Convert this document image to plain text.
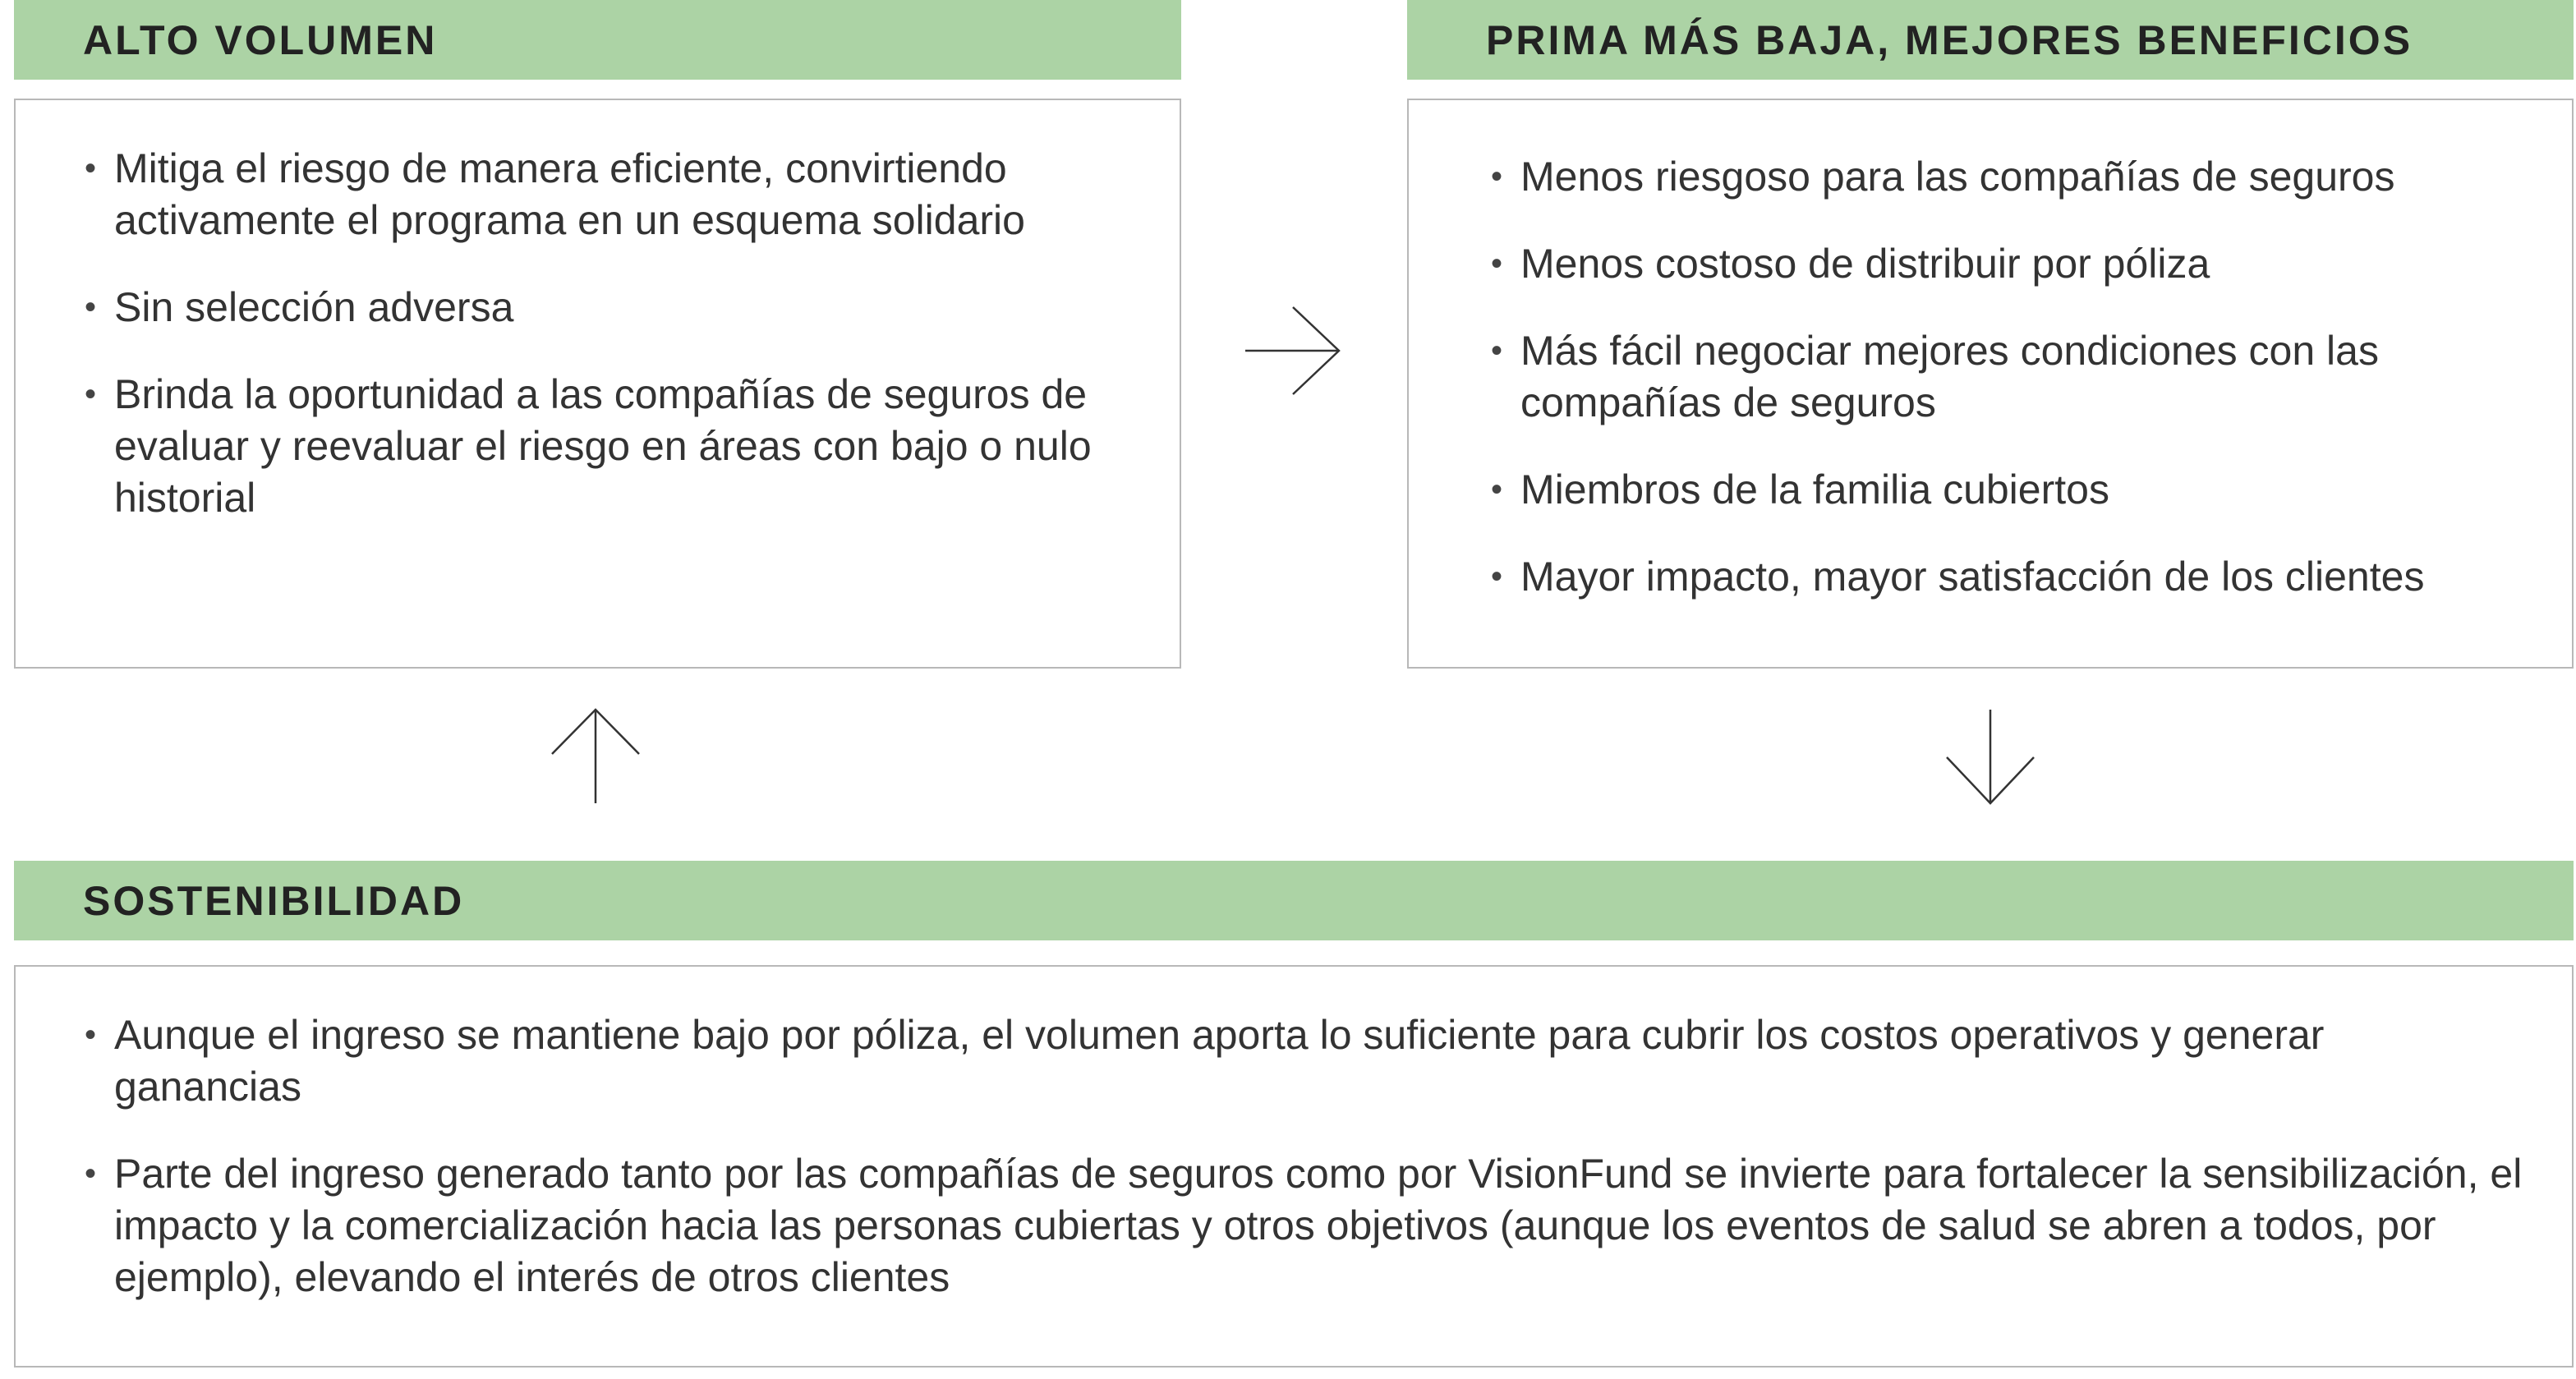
ALTO VOLUMEN
• Mitiga el riesgo de manera eficiente, convirtiendo activamente el programa en un esquema solidario
• Sin selección adversa
• Brinda la oportunidad a las compañías de seguros de evaluar y reevaluar el riesgo en áreas con bajo o nulo historial
PRIMA MÁS BAJA, MEJORES BENEFICIOS
• Menos riesgoso para las compañías de seguros
• Menos costoso de distribuir por póliza
• Más fácil negociar mejores condiciones con las compañías de seguros
• Miembros de la familia cubiertos
• Mayor impacto, mayor satisfacción de los clientes
SOSTENIBILIDAD
• Aunque el ingreso se mantiene bajo por póliza, el volumen aporta lo suficiente para cubrir los costos operativos y generar ganancias
• Parte del ingreso generado tanto por las compañías de seguros como por VisionFund se invierte para fortalecer la sensibilización, el impacto y la comercialización hacia las personas cubiertas y otros objetivos (aunque los eventos de salud se abren a todos, por ejemplo), elevando el interés de otros clientes
